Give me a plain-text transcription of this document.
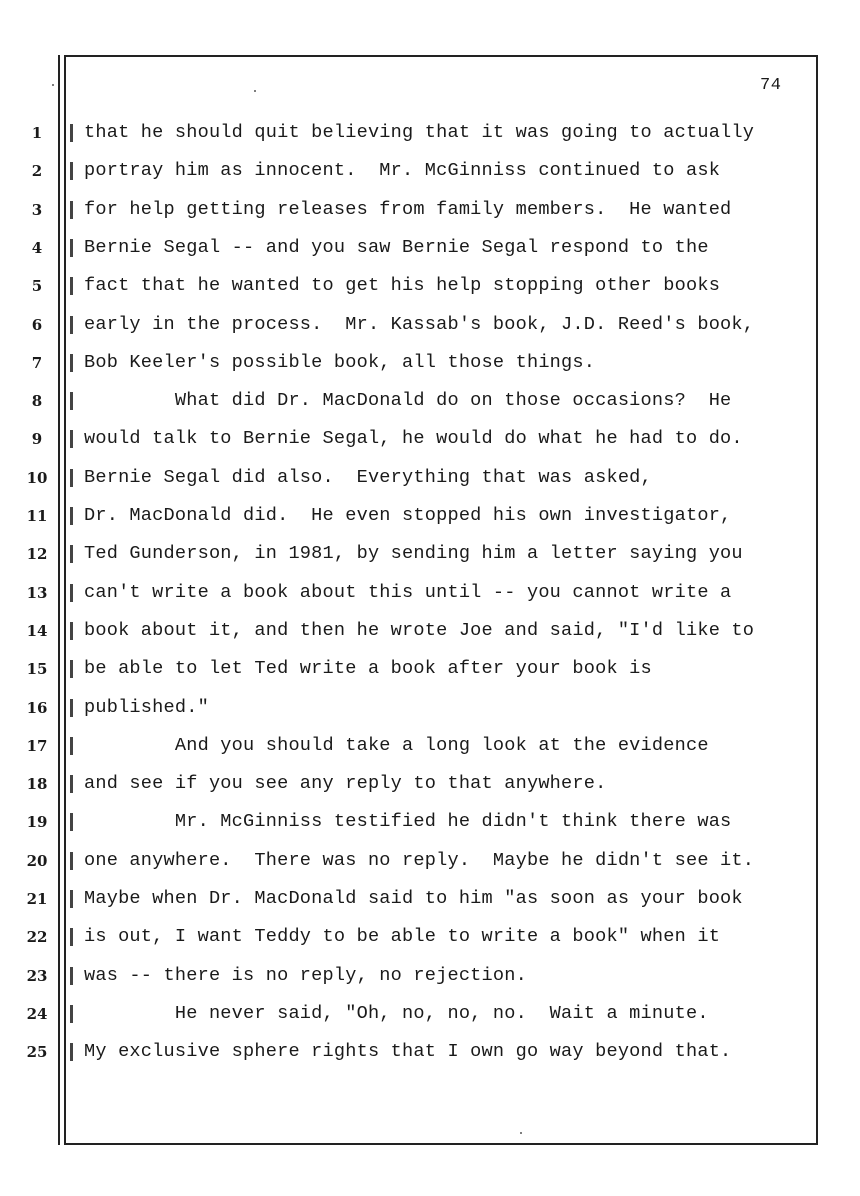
74
1	that he should quit believing that it was going to actually
2	portray him as innocent.  Mr. McGinniss continued to ask
3	for help getting releases from family members.  He wanted
4	Bernie Segal -- and you saw Bernie Segal respond to the
5	fact that he wanted to get his help stopping other books
6	early in the process.  Mr. Kassab's book, J.D. Reed's book,
7	Bob Keeler's possible book, all those things.
8	What did Dr. MacDonald do on those occasions?  He
9	would talk to Bernie Segal, he would do what he had to do.
10 Bernie Segal did also.  Everything that was asked,
11 Dr. MacDonald did.  He even stopped his own investigator,
12 Ted Gunderson, in 1981, by sending him a letter saying you
13 can't write a book about this until -- you cannot write a
14 book about it, and then he wrote Joe and said, "I'd like to
15 be able to let Ted write a book after your book is
16 published."
17 And you should take a long look at the evidence
18 and see if you see any reply to that anywhere.
19 Mr. McGinniss testified he didn't think there was
20 one anywhere.  There was no reply.  Maybe he didn't see it.
21 Maybe when Dr. MacDonald said to him "as soon as your book
22 is out, I want Teddy to be able to write a book" when it
23 was -- there is no reply, no rejection.
24 He never said, "Oh, no, no, no.  Wait a minute.
25 My exclusive sphere rights that I own go way beyond that.
